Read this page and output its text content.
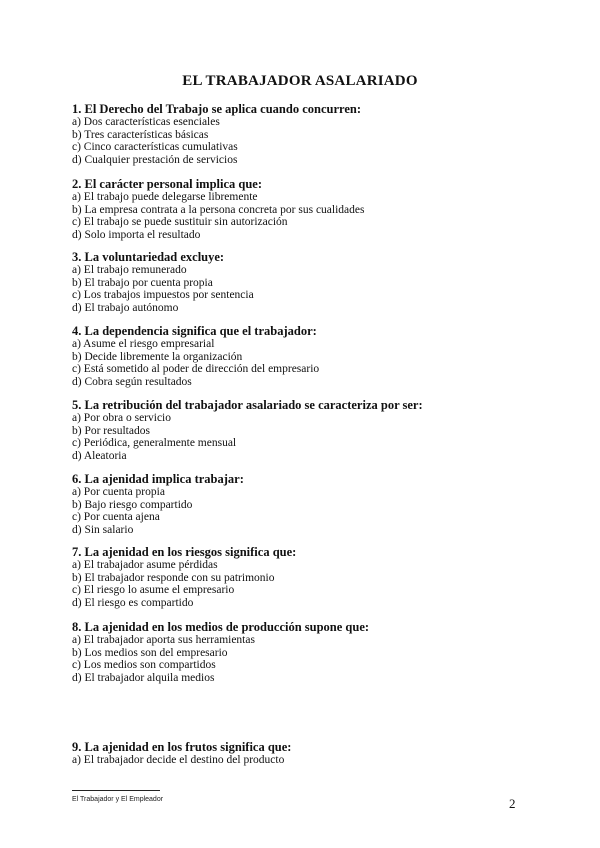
EL TRABAJADOR ASALARIADO
1. El Derecho del Trabajo se aplica cuando concurren:
a) Dos características esenciales
b) Tres características básicas
c) Cinco características cumulativas
d) Cualquier prestación de servicios
2. El carácter personal implica que:
a) El trabajo puede delegarse libremente
b) La empresa contrata a la persona concreta por sus cualidades
c) El trabajo se puede sustituir sin autorización
d) Solo importa el resultado
3. La voluntariedad excluye:
a) El trabajo remunerado
b) El trabajo por cuenta propia
c) Los trabajos impuestos por sentencia
d) El trabajo autónomo
4. La dependencia significa que el trabajador:
a) Asume el riesgo empresarial
b) Decide libremente la organización
c) Está sometido al poder de dirección del empresario
d) Cobra según resultados
5. La retribución del trabajador asalariado se caracteriza por ser:
a) Por obra o servicio
b) Por resultados
c) Periódica, generalmente mensual
d) Aleatoria
6. La ajenidad implica trabajar:
a) Por cuenta propia
b) Bajo riesgo compartido
c) Por cuenta ajena
d) Sin salario
7. La ajenidad en los riesgos significa que:
a) El trabajador asume pérdidas
b) El trabajador responde con su patrimonio
c) El riesgo lo asume el empresario
d) El riesgo es compartido
8. La ajenidad en los medios de producción supone que:
a) El trabajador aporta sus herramientas
b) Los medios son del empresario
c) Los medios son compartidos
d) El trabajador alquila medios
9. La ajenidad en los frutos significa que:
a) El trabajador decide el destino del producto
El Trabajador y El Empleador	2
